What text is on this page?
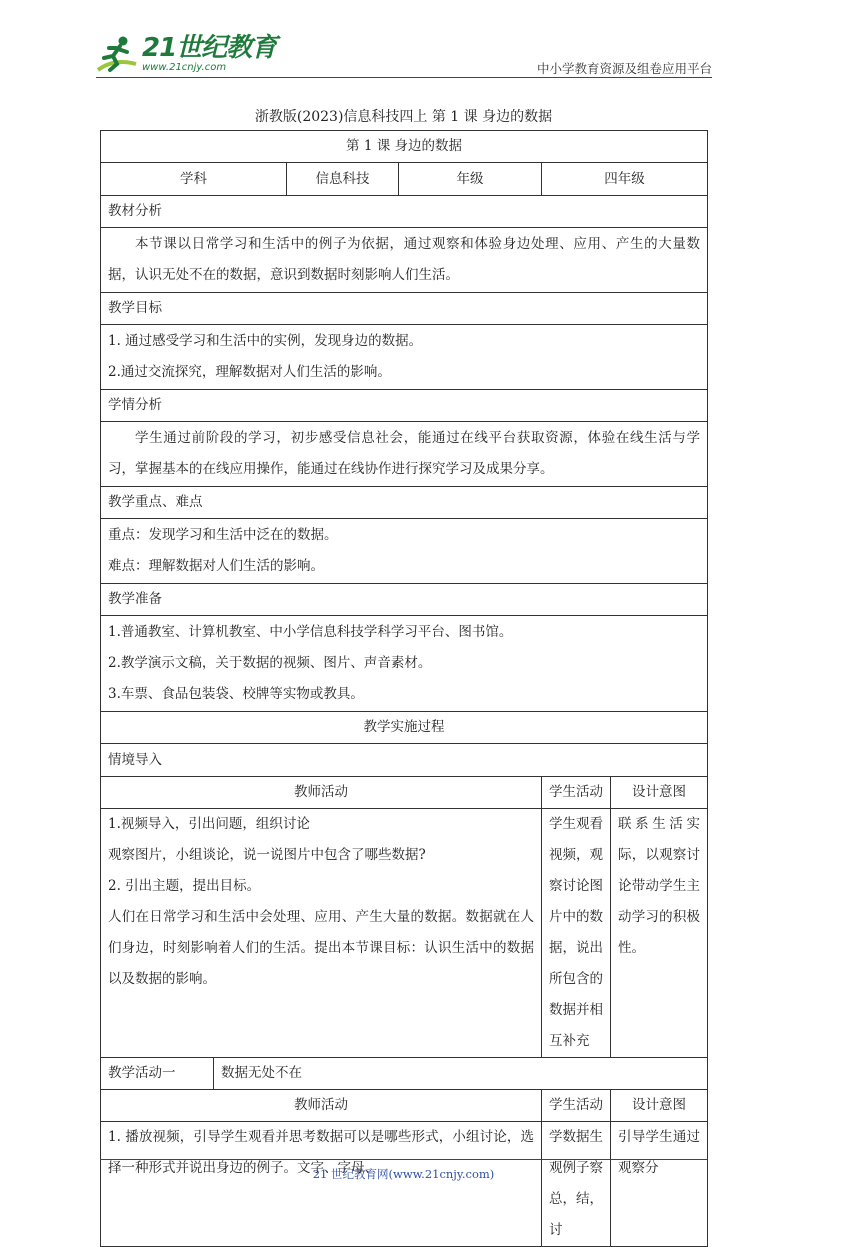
21世纪教育
www.21cnjy.com	中小学教育资源及组卷应用平台
浙教版(2023)信息科技四上 第 1 课 身边的数据
第 1 课 身边的数据					
学科		信息科技	年级	四年级	
教材分析					

本节课以日常学习和生活中的例子为依据，通过观察和体验身边处理、应用、产生的大量数据，认识无处不在的数据，意识到数据时刻影响人们生活。					

教学目标					

1. 通过感受学习和生活中的实例，发现身边的数据。

2.通过交流探究，理解数据对人们生活的影响。					

学情分析					

学生通过前阶段的学习，初步感受信息社会，能通过在线平台获取资源，体验在线生活与学习，掌握基本的在线应用操作，能通过在线协作进行探究学习及成果分享。					

教学重点、难点					

重点：发现学习和生活中泛在的数据。

难点：理解数据对人们生活的影响。					

教学准备					

1.普通教室、计算机教室、中小学信息科技学科学习平台、图书馆。

2.教学演示文稿，关于数据的视频、图片、声音素材。

3.车票、食品包装袋、校牌等实物或教具。					

教学实施过程					
情境导入					
教师活动				学生活动	设计意图

1.视频导入，引出问题，组织讨论

观察图片，小组谈论，说一说图片中包含了哪些数据?

2. 引出主题，提出目标。

人们在日常学习和生活中会处理、应用、产生大量的数据。数据就在人们身边，时刻影响着人们的生活。提出本节课目标：认识生活中的数据以及数据的影响。				学生观看视频，观察讨论图片中的数据，说出所包含的数据并相互补充	联系生活实际，以观察讨论带动学生主动学习的积极性。

教学活动一	数据无处不在				
教师活动				学生活动	设计意图

1. 播放视频，引导学生观看并思考数据可以是哪些形式，小组讨论，选择一种形式并说出身边的例子。文字、字母、				学数据生观例子察总，结，讨	引导学生通过观察分

21 世纪教育网(www.21cnjy.com)
